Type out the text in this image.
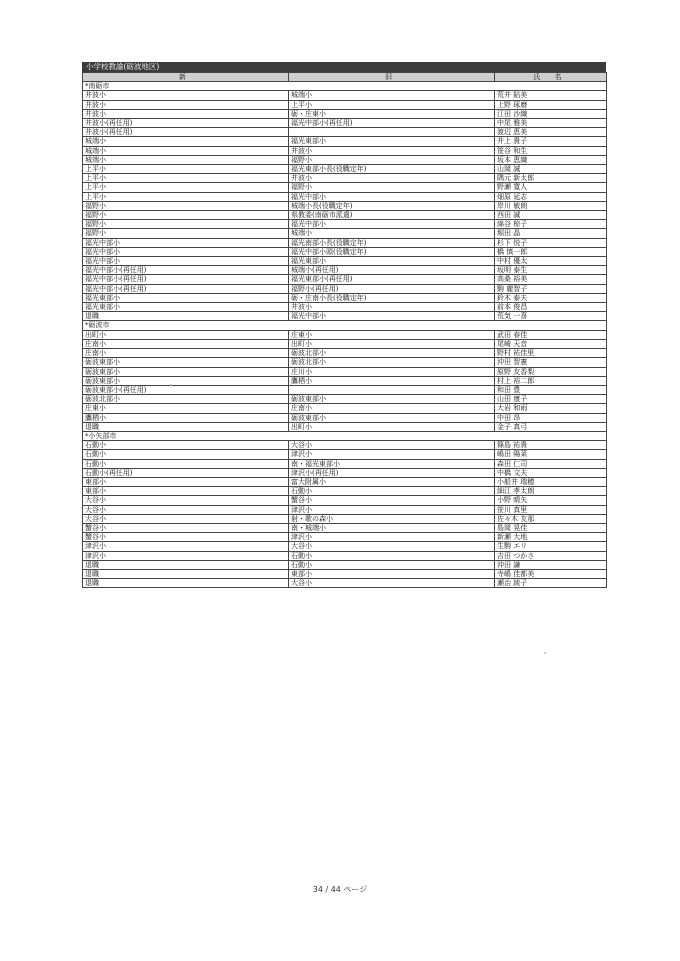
小学校教諭(砺波地区)
新	旧	氏 名
*南砺市		
井波小	城端小	荒井 貼美
井波小	上平小	上野 琢磨
井波小	砺・庄東小	江田 沙織
井波小(再任用)	福光中部小(再任用)	中尾 雅美
井波小(再任用)		渡辺 恵美
城端小	福光東部小	井上 貴子
城端小	井波小	笹谷 和生
城端小	福野小	坂本 恵織
上平小	福光東部小長(役職定年)	山岡 誠
上平小	井波小	隅元 新太郎
上平小	福野小	野瀬 寛人
上平小	福光中部小	畑原 延志
福野小	城端小長(役職定年)	岸川 敏朗
福野小	県教委(南砺市派遣)	西田 誠
福野小	福光中部小	綿谷 椋子
福野小	城端小	堀田 晶
福光中部小	福光南部小長(役職定年)	杉下 悦子
福光中部小	福光中部小頭(役職定年)	橋 慎一郎
福光中部小	福光東部小	中村 優太
福光中部小(再任用)	城端小(再任用)	坂明 泰生
福光中部小(再任用)	福光東部小(再任用)	高桑 裕美
福光中部小(再任用)	福野小(再任用)	駒 麗智子
福光東部小	砺・庄南小長(役職定年)	鈴木 泰夫
福光東部小	井波小	前本 俊昌
退職	福光中部小	荒気 一喜
*砺波市		
出町小	庄東小	武田 春佳
庄南小	出町小	尾崎 天音
庄南小	砺波北部小	野村 祐佳里
砺波東部小	砺波北部小	沖田 智憲
砺波東部小	庄川小	原野 友香梨
砺波東部小	鷹栖小	村上 裕二郎
砺波東部小(再任用)		和田 豊
砺波北部小	砺波東部小	山田 康子
庄東小	庄南小	大岩 和雨
鷹栖小	砺波東部小	中田 昂
退職	出町小	金子 真弓
*小矢部市		
石動小	大谷小	篠島 祐貴
石動小	津沢小	嶋田 陽菜
石動小	南・福光東部小	森田 仁司
石動小(再任用)	津沢小(再任用)	中橋 文夫
東部小	富大附属小	小船井 瑞穂
東部小	石動小	細江 孝太朗
大谷小	蟹谷小	小野 晴矢
大谷小	津沢小	笹川 真里
大谷小	射・歌の森小	佐々木 友那
蟹谷小	南・城端小	島岡 晃佳
蟹谷小	津沢小	新瀬 大地
津沢小	大谷小	生駒 エリ
津沢小	石動小	吉田 つかさ
退職	石動小	沖田 謙
退職	東部小	寺嶋 佳都美
退職	大谷小	瀬治 綾子
34 / 44 ページ
